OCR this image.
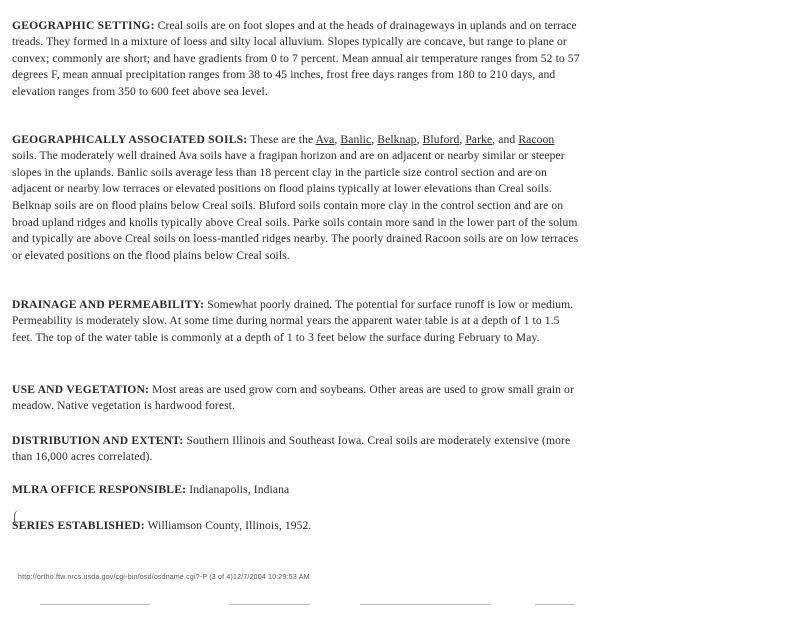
GEOGRAPHIC SETTING: Creal soils are on foot slopes and at the heads of drainageways in uplands and on terrace treads. They formed in a mixture of loess and silty local alluvium. Slopes typically are concave, but range to plane or convex; commonly are short; and have gradients from 0 to 7 percent. Mean annual air temperature ranges from 52 to 57 degrees F, mean annual precipitation ranges from 38 to 45 inches, frost free days ranges from 180 to 210 days, and elevation ranges from 350 to 600 feet above sea level.

GEOGRAPHICALLY ASSOCIATED SOILS: These are the Ava, Banlic, Belknap, Bluford, Parke, and Racoon soils. The moderately well drained Ava soils have a fragipan horizon and are on adjacent or nearby similar or steeper slopes in the uplands. Banlic soils average less than 18 percent clay in the particle size control section and are on adjacent or nearby low terraces or elevated positions on flood plains typically at lower elevations than Creal soils. Belknap soils are on flood plains below Creal soils. Bluford soils contain more clay in the control section and are on broad upland ridges and knolls typically above Creal soils. Parke soils contain more sand in the lower part of the solum and typically are above Creal soils on loess-mantled ridges nearby. The poorly drained Racoon soils are on low terraces or elevated positions on the flood plains below Creal soils.

DRAINAGE AND PERMEABILITY: Somewhat poorly drained. The potential for surface runoff is low or medium. Permeability is moderately slow. At some time during normal years the apparent water table is at a depth of 1 to 1.5 feet. The top of the water table is commonly at a depth of 1 to 3 feet below the surface during February to May.

USE AND VEGETATION: Most areas are used grow corn and soybeans. Other areas are used to grow small grain or meadow. Native vegetation is hardwood forest.

DISTRIBUTION AND EXTENT: Southern Illinois and Southeast Iowa. Creal soils are moderately extensive (more than 16,000 acres correlated).

MLRA OFFICE RESPONSIBLE: Indianapolis, Indiana

SERIES ESTABLISHED: Williamson County, Illinois, 1952.

http://ortho.ftw.nrcs.usda.gov/cgi-bin/osd/osdname.cgi?-P (3 of 4)12/7/2004 10:29:53 AM
